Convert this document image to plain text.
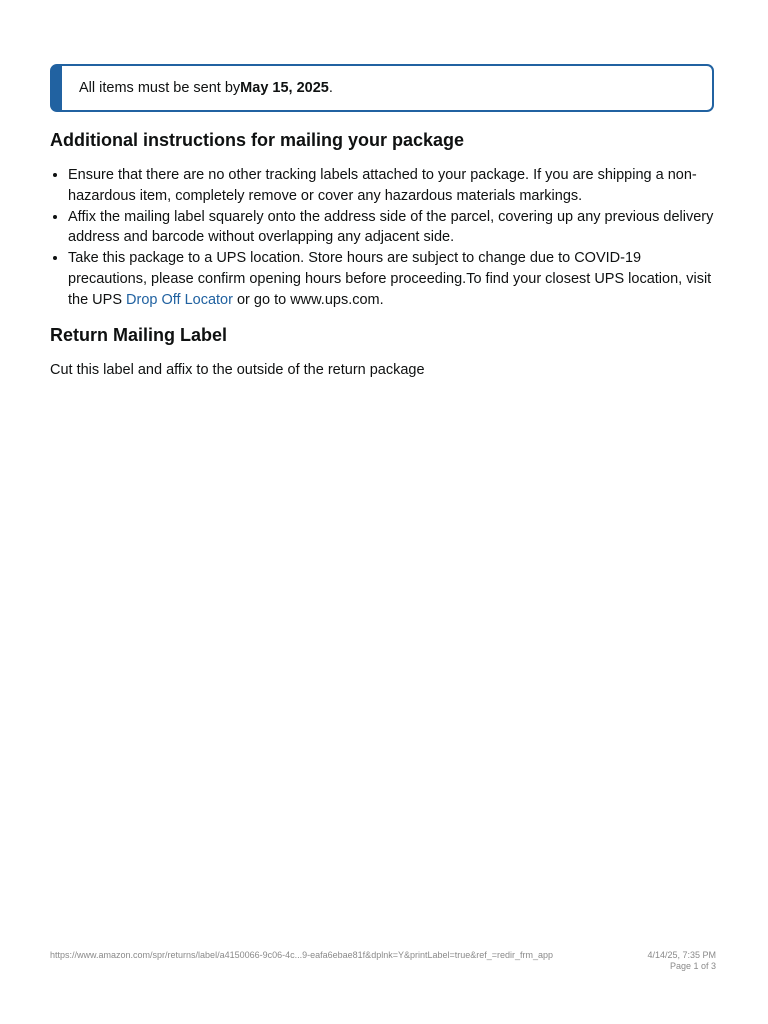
All items must be sent by May 15, 2025 .
Additional instructions for mailing your package
• Ensure that there are no other tracking labels attached to your package. If you are shipping a non-hazardous item, completely remove or cover any hazardous materials markings.
• Affix the mailing label squarely onto the address side of the parcel, covering up any previous delivery address and barcode without overlapping any adjacent side.
• Take this package to a UPS location. Store hours are subject to change due to COVID-19 precautions, please confirm opening hours before proceeding.To find your closest UPS location, visit the UPS Drop Off Locator or go to www.ups.com.
Return Mailing Label

Cut this label and affix to the outside of the return package

https://www.amazon.com/spr/returns/label/a4150066-9c06-4c...9-eafa6ebae81f&dplnk=Y&printLabel=true&ref_=redir_frm_app	4/14/25, 7:35 PM
Page 1 of 3
